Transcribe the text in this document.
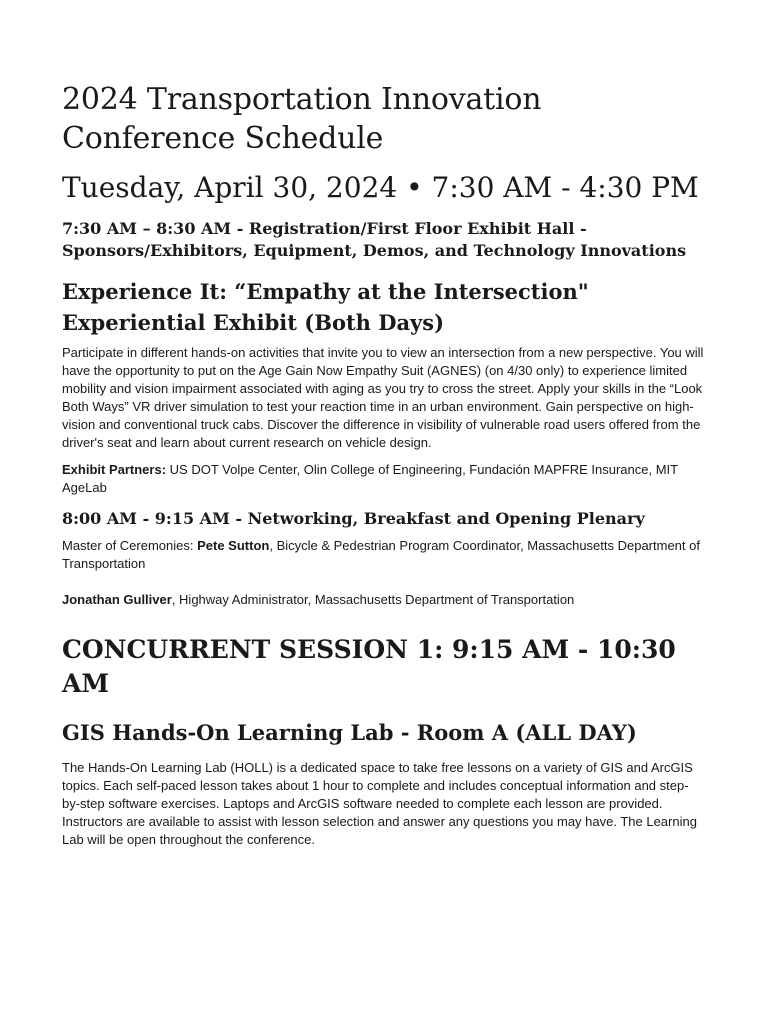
2024 Transportation Innovation Conference Schedule
Tuesday, April 30, 2024 • 7:30 AM - 4:30 PM
7:30 AM – 8:30 AM - Registration/First Floor Exhibit Hall - Sponsors/Exhibitors, Equipment, Demos, and Technology Innovations
Experience It: “Empathy at the Intersection" Experiential Exhibit (Both Days)

Participate in different hands-on activities that invite you to view an intersection from a new perspective. You will have the opportunity to put on the Age Gain Now Empathy Suit (AGNES) (on 4/30 only) to experience limited mobility and vision impairment associated with aging as you try to cross the street. Apply your skills in the “Look Both Ways” VR driver simulation to test your reaction time in an urban environment. Gain perspective on high-vision and conventional truck cabs. Discover the difference in visibility of vulnerable road users offered from the driver's seat and learn about current research on vehicle design.

Exhibit Partners: US DOT Volpe Center, Olin College of Engineering, Fundación MAPFRE Insurance, MIT AgeLab

8:00 AM - 9:15 AM - Networking, Breakfast and Opening Plenary

Master of Ceremonies: Pete Sutton, Bicycle & Pedestrian Program Coordinator, Massachusetts Department of Transportation

Jonathan Gulliver, Highway Administrator, Massachusetts Department of Transportation

CONCURRENT SESSION 1: 9:15 AM - 10:30 AM
GIS Hands-On Learning Lab - Room A (ALL DAY)

The Hands-On Learning Lab (HOLL) is a dedicated space to take free lessons on a variety of GIS and ArcGIS topics. Each self-paced lesson takes about 1 hour to complete and includes conceptual information and step-by-step software exercises. Laptops and ArcGIS software needed to complete each lesson are provided. Instructors are available to assist with lesson selection and answer any questions you may have. The Learning Lab will be open throughout the conference.
